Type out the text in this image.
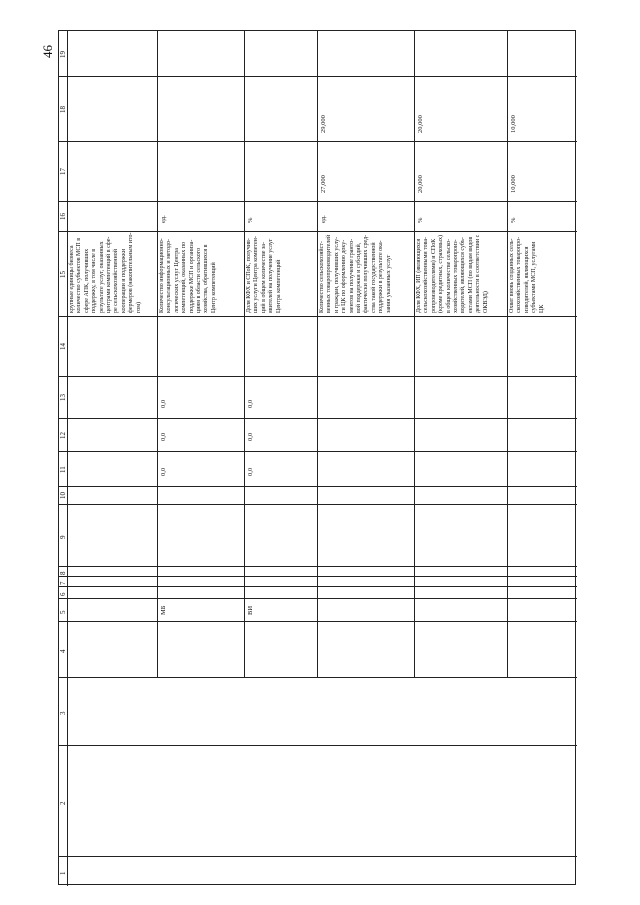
46 19
18
17
16
15
14
13
12
11
10
9
8
7
6
5
4
3
2
1
крупные единицы бизнеса
количество субъектов МСП в
сфере АПК, получивших
поддержку, в том числе в
результате услуг, оказанных
центрами компетенций в сфе-
ре сельскохозяйственной
кооперации и поддержки
фермеров (накопительным ито-
гом)	Количество информационно-
консультационных и методо-
логических услуг Центра
компетенций, оказанных по
поддержке МСП и организа-
циям в области сельского
хозяйства, обратившихся в
Центр компетенций
ед.
0,0
0,0
0,0
МБ
Доля КФХ и СПоК, получив-
ших услуги Центра компетен-
ций в общем количестве за-
явителей на получение услуг
Центра компетенций
%
0,0
0,0
0,0
ВИ
Количество сельскохозяйст-
венных товаропроизводителей
и граждан, получивших услу-
ги ЦК по оформлению доку-
ментов на получение гранто-
вой поддержки и субсидий,
фактически получивших сред-
ства такой государственной
поддержки в результате ока-
зания указанных услуг
ед.
27,000
29,000
Доля КФХ, ИП (являющихся
сельскохозяйственными това-
ропроизводителями) и СПоК
(кроме кредитных, страховых)
в общем количестве сельско-
хозяйственных товаропроиз-
водителей, являющихся субъ-
ектами МСП (по видам видов
деятельности в соответствии с
ОКВЭД)
%
20,000
20,000
Охват вновь созданных сель-
скохозяйственных товаропро-
изводителей, являющихся
субъектами МСП, услугами
ЦК
%
10,000
10,000
